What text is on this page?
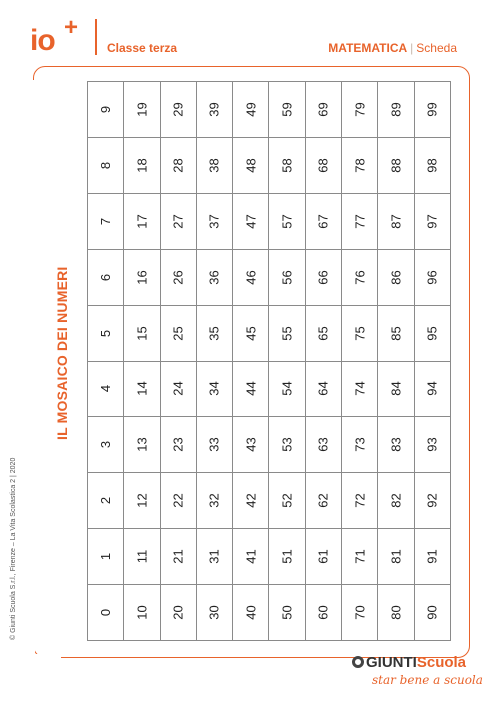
io +
Classe terza	MATEMATICA | Scheda
IL MOSAICO DEI NUMERI
9 19 29 39 49 59 69 79 89 99
8 18 28 38 48 58 68 78 88 98
7 17 27 37 47 57 67 77 87 97
6 16 26 36 46 56 66 76 86 96
5 15 25 35 45 55 65 75 85 95
4 14 24 34 44 54 64 74 84 94
3 13 23 33 43 53 63 73 83 93
2 12 22 32 42 52 62 72 82 92
1 11 21 31 41 51 61 71 81 91
0 10 20 30 40 50 60 70 80 90
© Giunti Scuola S.r.l., Firenze – La Vita Scolastica 2 | 2020
GIUNTIScuola
star bene a scuola
